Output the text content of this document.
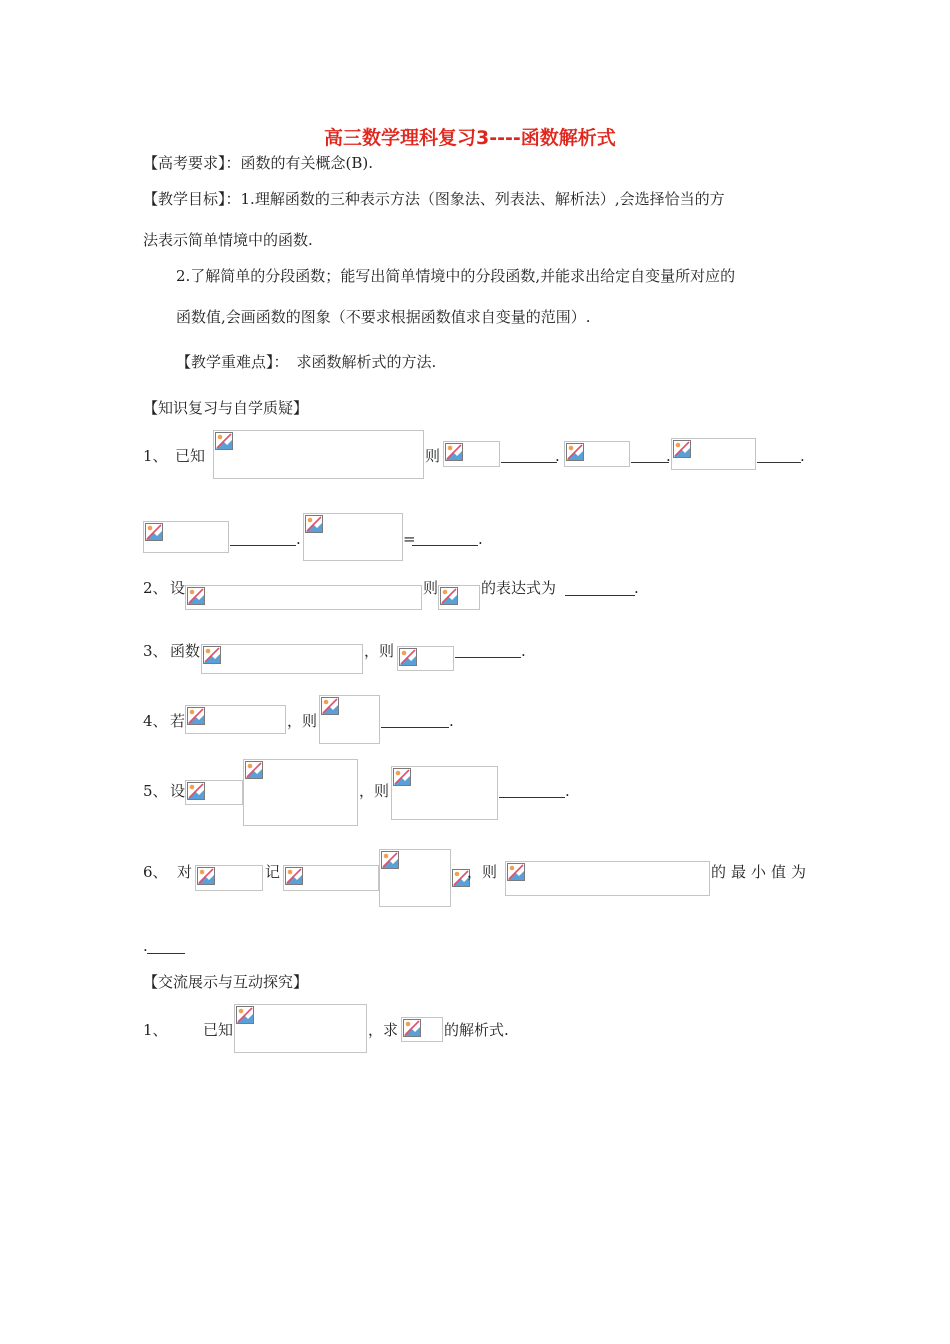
高三数学理科复习3----函数解析式
【高考要求】：函数的有关概念(B).
【教学目标】：1.理解函数的三种表示方法（图象法、列表法、解析法）,会选择恰当的方
法表示简单情境中的函数.
2.了解简单的分段函数；能写出简单情境中的分段函数,并能求出给定自变量所对应的
函数值,会画函数的图象（不要求根据函数值求自变量的范围）.
【教学重难点】： 求函数解析式的方法.
【知识复习与自学质疑】
1、 已知	则	.	.	.
.	=	.
2、 设	则	的表达式为	.
3、 函数	，则	.
4、 若	，则	.
5、 设	，则	.
6、 对	记	，则	的最小值为
.
【交流展示与互动探究】
1、 已知	，求	的解析式.
